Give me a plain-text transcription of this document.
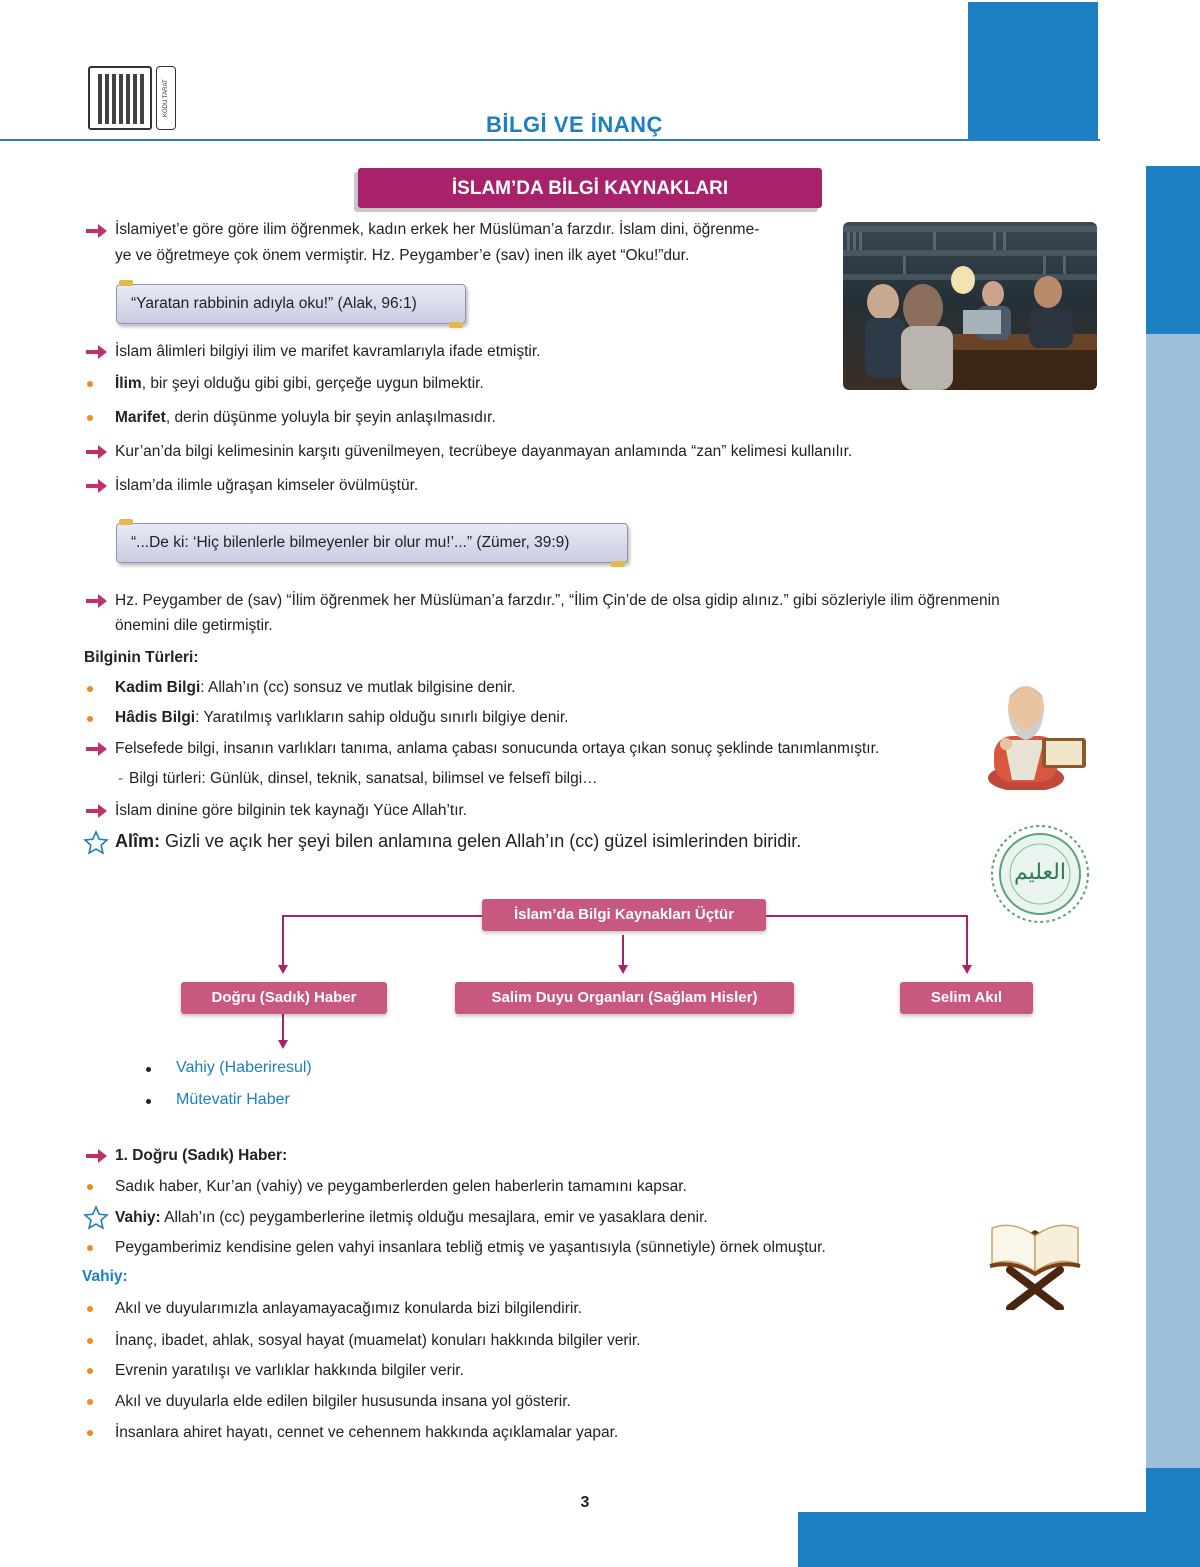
KODU TARAT
BİLGİ VE İNANÇ
İSLAM’DA BİLGİ KAYNAKLARI
İslamiyet’e göre göre ilim öğrenmek, kadın erkek her Müslüman’a farzdır. İslam dini, öğrenme-
ye ve öğretmeye çok önem vermiştir. Hz. Peygamber’e (sav) inen ilk ayet “Oku!”dur.
“Yaratan rabbinin adıyla oku!” (Alak, 96:1)
İslam âlimleri bilgiyi ilim ve marifet kavramlarıyla ifade etmiştir.
İlim, bir şeyi olduğu gibi gibi, gerçeğe uygun bilmektir.
Marifet, derin düşünme yoluyla bir şeyin anlaşılmasıdır.
Kur’an’da bilgi kelimesinin karşıtı güvenilmeyen, tecrübeye dayanmayan anlamında “zan” kelimesi kullanılır.
İslam’da ilimle uğraşan kimseler övülmüştür.
“...De ki: ‘Hiç bilenlerle bilmeyenler bir olur mu!’...” (Zümer, 39:9)
Hz. Peygamber de (sav) “İlim öğrenmek her Müslüman’a farzdır.”, “İlim Çin’de de olsa gidip alınız.” gibi sözleriyle ilim öğrenmenin
önemini dile getirmiştir.
Bilginin Türleri:
Kadim Bilgi: Allah’ın (cc) sonsuz ve mutlak bilgisine denir.
Hâdis Bilgi: Yaratılmış varlıkların sahip olduğu sınırlı bilgiye denir.
Felsefede bilgi, insanın varlıkları tanıma, anlama çabası sonucunda ortaya çıkan sonuç şeklinde tanımlanmıştır.
- Bilgi türleri: Günlük, dinsel, teknik, sanatsal, bilimsel ve felsefî bilgi…
İslam dinine göre bilginin tek kaynağı Yüce Allah’tır.
Alîm: Gizli ve açık her şeyi bilen anlamına gelen Allah’ın (cc) güzel isimlerinden biridir.
العليم
İslam’da Bilgi Kaynakları Üçtür
Doğru (Sadık) Haber	Salim Duyu Organları (Sağlam Hisler)	Selim Akıl
Vahiy (Haberiresul)
Mütevatir Haber
1. Doğru (Sadık) Haber:
Sadık haber, Kur’an (vahiy) ve peygamberlerden gelen haberlerin tamamını kapsar.
Vahiy: Allah’ın (cc) peygamberlerine iletmiş olduğu mesajlara, emir ve yasaklara denir.
Peygamberimiz kendisine gelen vahyi insanlara tebliğ etmiş ve yaşantısıyla (sünnetiyle) örnek olmuştur.
Vahiy:
Akıl ve duyularımızla anlayamayacağımız konularda bizi bilgilendirir.
İnanç, ibadet, ahlak, sosyal hayat (muamelat) konuları hakkında bilgiler verir.
Evrenin yaratılışı ve varlıklar hakkında bilgiler verir.
Akıl ve duyularla elde edilen bilgiler hususunda insana yol gösterir.
İnsanlara ahiret hayatı, cennet ve cehennem hakkında açıklamalar yapar.
3
